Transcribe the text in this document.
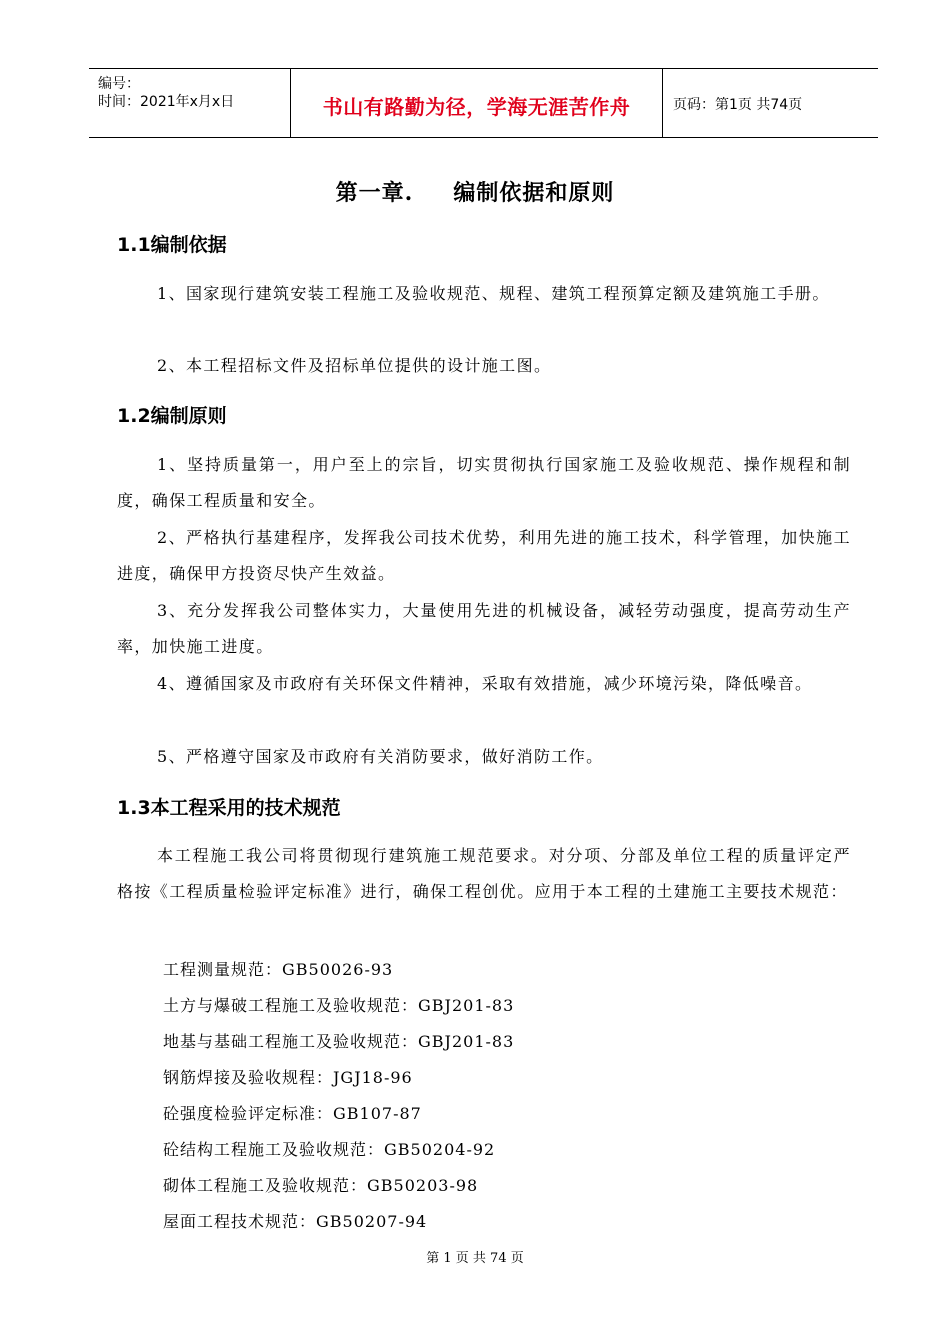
编号：
时间：2021年x月x日	书山有路勤为径，学海无涯苦作舟	页码：第1页 共74页
第一章. 编制依据和原则
1.1编制依据
1、国家现行建筑安装工程施工及验收规范、规程、建筑工程预算定额及建筑施工手册。
2、本工程招标文件及招标单位提供的设计施工图。
1.2编制原则
1、坚持质量第一，用户至上的宗旨，切实贯彻执行国家施工及验收规范、操作规程和制度，确保工程质量和安全。
2、严格执行基建程序，发挥我公司技术优势，利用先进的施工技术，科学管理，加快施工进度，确保甲方投资尽快产生效益。
3、充分发挥我公司整体实力，大量使用先进的机械设备，减轻劳动强度，提高劳动生产率，加快施工进度。
4、遵循国家及市政府有关环保文件精神，采取有效措施，减少环境污染，降低噪音。
5、严格遵守国家及市政府有关消防要求，做好消防工作。
1.3本工程采用的技术规范
本工程施工我公司将贯彻现行建筑施工规范要求。对分项、分部及单位工程的质量评定严格按《工程质量检验评定标准》进行，确保工程创优。应用于本工程的土建施工主要技术规范：
工程测量规范：GB50026-93
土方与爆破工程施工及验收规范：GBJ201-83
地基与基础工程施工及验收规范：GBJ201-83
钢筋焊接及验收规程：JGJ18-96
砼强度检验评定标准：GB107-87
砼结构工程施工及验收规范：GB50204-92
砌体工程施工及验收规范：GB50203-98
屋面工程技术规范：GB50207-94
第 1 页 共 74 页
